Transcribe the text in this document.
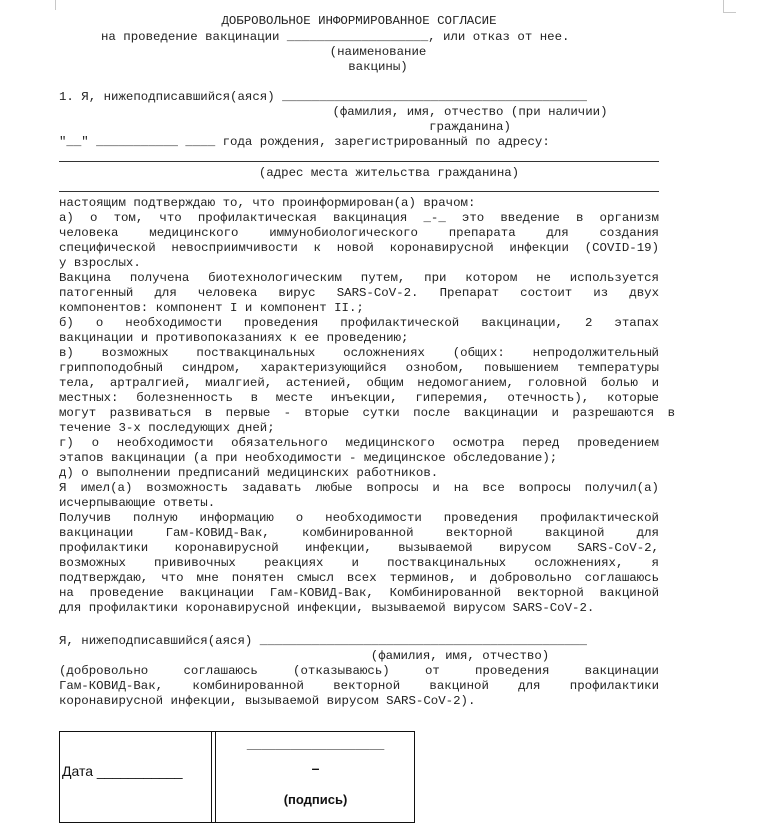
ДОБРОВОЛЬНОЕ ИНФОРМИРОВАННОЕ СОГЛАСИЕ
на проведение вакцинации ___________________, или отказ от нее.
(наименование
вакцины)
1. Я, нижеподписавшийся(аяся) _________________________________________
(фамилия, имя, отчество (при наличии)
гражданина)
"__" ___________ ____ года рождения, зарегистрированный по адресу:
(адрес места жительства гражданина)
настоящим подтверждаю то, что проинформирован(а) врачом:
а) о том, что профилактическая вакцинация _-_ это введение в организм
человека медицинского иммунобиологического препарата для создания
специфической невосприимчивости к новой коронавирусной инфекции (COVID-19)
у взрослых.
Вакцина получена биотехнологическим путем, при котором не используется
патогенный для человека вирус SARS-CoV-2. Препарат состоит из двух
компонентов: компонент I и компонент II.;
б) о необходимости проведения профилактической вакцинации, 2 этапах
вакцинации и противопоказаниях к ее проведению;
в) возможных поствакцинальных осложнениях (общих: непродолжительный
гриппоподобный синдром, характеризующийся ознобом, повышением температуры
тела, артралгией, миалгией, астенией, общим недомоганием, головной болью и
местных: болезненность в месте инъекции, гиперемия, отечность), которые
могут развиваться в первые - вторые сутки после вакцинации и разрешаются в
течение 3-х последующих дней;
г) о необходимости обязательного медицинского осмотра перед проведением
этапов вакцинации (а при необходимости - медицинское обследование);
д) о выполнении предписаний медицинских работников.
Я имел(а) возможность задавать любые вопросы и на все вопросы получил(а)
исчерпывающие ответы.
Получив полную информацию о необходимости проведения профилактической
вакцинации Гам-КОВИД-Вак, комбинированной векторной вакциной для
профилактики коронавирусной инфекции, вызываемой вирусом SARS-CoV-2,
возможных прививочных реакциях и поствакцинальных осложнениях, я
подтверждаю, что мне понятен смысл всех терминов, и добровольно соглашаюсь
на проведение вакцинации Гам-КОВИД-Вак, Комбинированной векторной вакциной
для профилактики коронавирусной инфекции, вызываемой вирусом SARS-CoV-2.
Я, нижеподписавшийся(аяся) ____________________________________________
(фамилия, имя, отчество)
(добровольно соглашаюсь (отказываюсь) от проведения вакцинации
Гам-КОВИД-Вак, комбинированной векторной вакциной для профилактики
коронавирусной инфекции, вызываемой вирусом SARS-CoV-2).
Дата ___________
___________________
–
(подпись)
